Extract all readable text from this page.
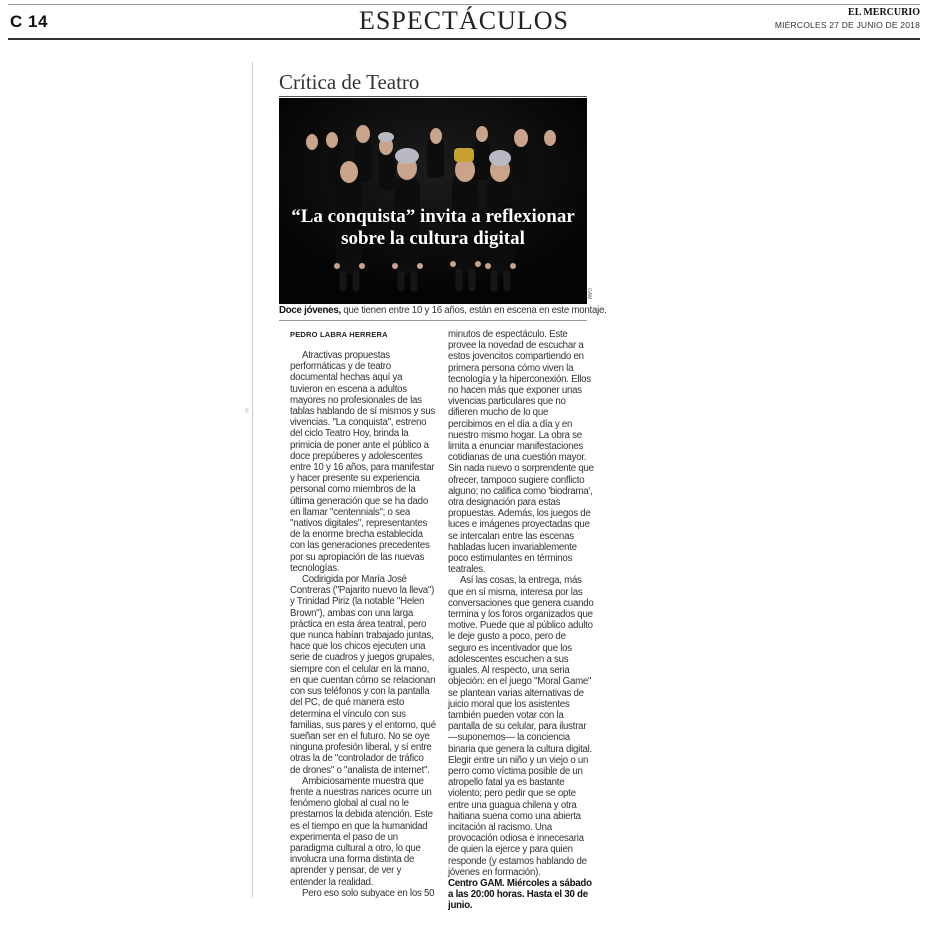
C 14	ESPECTÁCULOS	EL MERCURIO
MIÉRCOLES 27 DE JUNIO DE 2018
|||||
Crítica de Teatro
“La conquista” invita a reflexionar
sobre la cultura digital
GAM
Doce jóvenes, que tienen entre 10 y 16 años, están en escena en este montaje.
PEDRO LABRA HERRERA

Atractivas propuestas performáticas y de teatro documental hechas aquí ya tuvieron en escena a adultos mayores no profesionales de las tablas hablando de sí mismos y sus vivencias. "La conquista", estreno del ciclo Teatro Hoy, brinda la primicia de poner ante el público a doce prepúberes y adolescentes entre 10 y 16 años, para manifestar y hacer presente su experiencia personal como miembros de la última generación que se ha dado en llamar "centennials"; o sea "nativos digitales", representantes de la enorme brecha establecida con las generaciones precedentes por su apropiación de las nuevas tecnologías.

Codirigida por María José Contreras ("Pajarito nuevo la lleva") y Trinidad Piriz (la notable "Helen Brown"), ambas con una larga práctica en esta área teatral, pero que nunca habían trabajado juntas, hace que los chicos ejecuten una serie de cuadros y juegos grupales, siempre con el celular en la mano, en que cuentan cómo se relacionan con sus teléfonos y con la pantalla del PC, de qué manera esto determina el vínculo con sus familias, sus pares y el entorno, qué sueñan ser en el futuro. No se oye ninguna profesión liberal, y sí entre otras la de "controlador de tráfico de drones" o "analista de internet".

Ambiciosamente muestra que frente a nuestras narices ocurre un fenómeno global al cual no le prestamos la debida atención. Este es el tiempo en que la humanidad experimenta el paso de un paradigma cultural a otro, lo que involucra una forma distinta de aprender y pensar, de ver y entender la realidad.

Pero eso solo subyace en los 50

minutos de espectáculo. Este provee la novedad de escuchar a estos jovencitos compartiendo en primera persona cómo viven la tecnología y la hiperconexión. Ellos no hacen más que exponer unas vivencias particulares que no difieren mucho de lo que percibimos en el día a día y en nuestro mismo hogar. La obra se limita a enunciar manifestaciones cotidianas de una cuestión mayor. Sin nada nuevo o sorprendente que ofrecer, tampoco sugiere conflicto alguno; no califica como 'biodrama', otra designación para estas propuestas. Además, los juegos de luces e imágenes proyectadas que se intercalan entre las escenas habladas lucen invariablemente poco estimulantes en términos teatrales.

Así las cosas, la entrega, más que en sí misma, interesa por las conversaciones que genera cuando termina y los foros organizados que motive. Puede que al público adulto le deje gusto a poco, pero de seguro es incentivador que los adolescentes escuchen a sus iguales. Al respecto, una seria objeción: en el juego "Moral Game" se plantean varias alternativas de juicio moral que los asistentes también pueden votar con la pantalla de su celular, para ilustrar —suponemos— la conciencia binaria que genera la cultura digital. Elegir entre un niño y un viejo o un perro como víctima posible de un atropello fatal ya es bastante violento; pero pedir que se opte entre una guagua chilena y otra haitiana suena como una abierta incitación al racismo. Una provocación odiosa e innecesaria de quien la ejerce y para quien responde (y estamos hablando de jóvenes en formación).

Centro GAM. Miércoles a sábado a las 20:00 horas. Hasta el 30 de junio.
